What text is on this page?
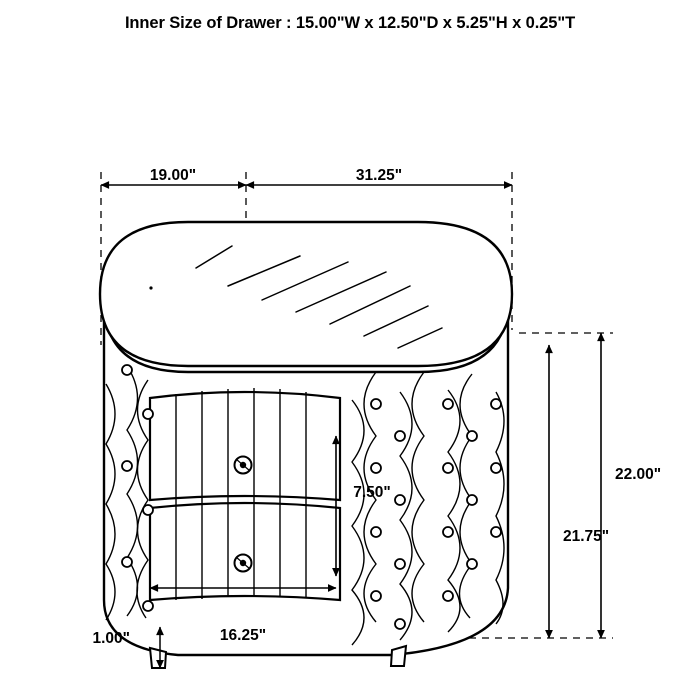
Inner Size of Drawer : 15.00"W x 12.50"D x 5.25"H x 0.25"T
19.00"	31.25"
7.50"
16.25"
1.00"
21.75"
22.00"
